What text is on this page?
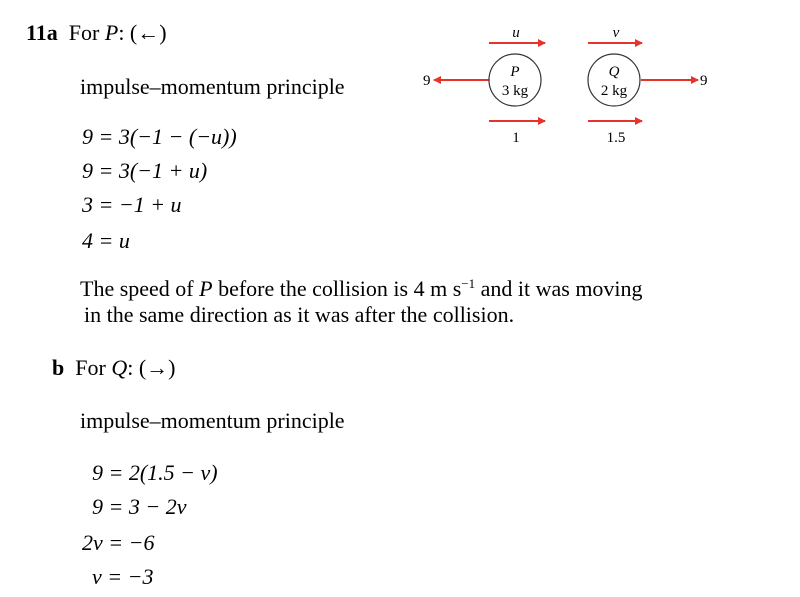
11a For P: (←)
impulse–momentum principle
9 = 3(−1 − (−u))
9 = 3(−1 + u)
3 = −1 + u
4 = u
The speed of P before the collision is 4 m $s^{-1}$ and it was moving
in the same direction as it was after the collision.
b For Q: (→)
impulse–momentum principle
9 = 2(1.5 − v)
9 = 3 − 2v
2v = −6
v = −3
u	v
9	9
P
3 kg
Q
2 kg
1	1.5
